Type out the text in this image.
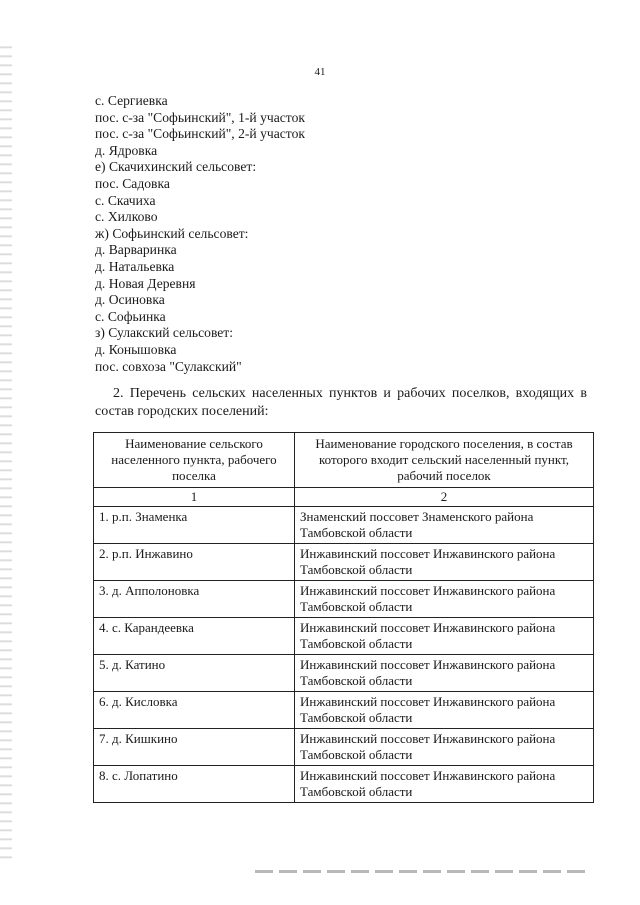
41
с. Сергиевка
пос. с-за "Софьинский", 1-й участок
пос. с-за "Софьинский", 2-й участок
д. Ядровка
е) Скачихинский сельсовет:
пос. Садовка
с. Скачиха
с. Хилково
ж) Софьинский сельсовет:
д. Варваринка
д. Натальевка
д. Новая Деревня
д. Осиновка
с. Софьинка
з) Сулакский сельсовет:
д. Конышовка
пос. совхоза "Сулакский"
2. Перечень сельских населенных пунктов и рабочих поселков, входящих в состав городских поселений:
Наименование сельского населенного пункта, рабочего поселка	Наименование городского поселения, в состав которого входит сельский населенный пункт, рабочий поселок
1	2
1. р.п. Знаменка	Знаменский поссовет Знаменского района Тамбовской области
2. р.п. Инжавино	Инжавинский поссовет Инжавинского района Тамбовской области
3. д. Апполоновка	Инжавинский поссовет Инжавинского района Тамбовской области
4. с. Карандеевка	Инжавинский поссовет Инжавинского района Тамбовской области
5. д. Катино	Инжавинский поссовет Инжавинского района Тамбовской области
6. д. Кисловка	Инжавинский поссовет Инжавинского района Тамбовской области
7. д. Кишкино	Инжавинский поссовет Инжавинского района Тамбовской области
8. с. Лопатино	Инжавинский поссовет Инжавинского района Тамбовской области
